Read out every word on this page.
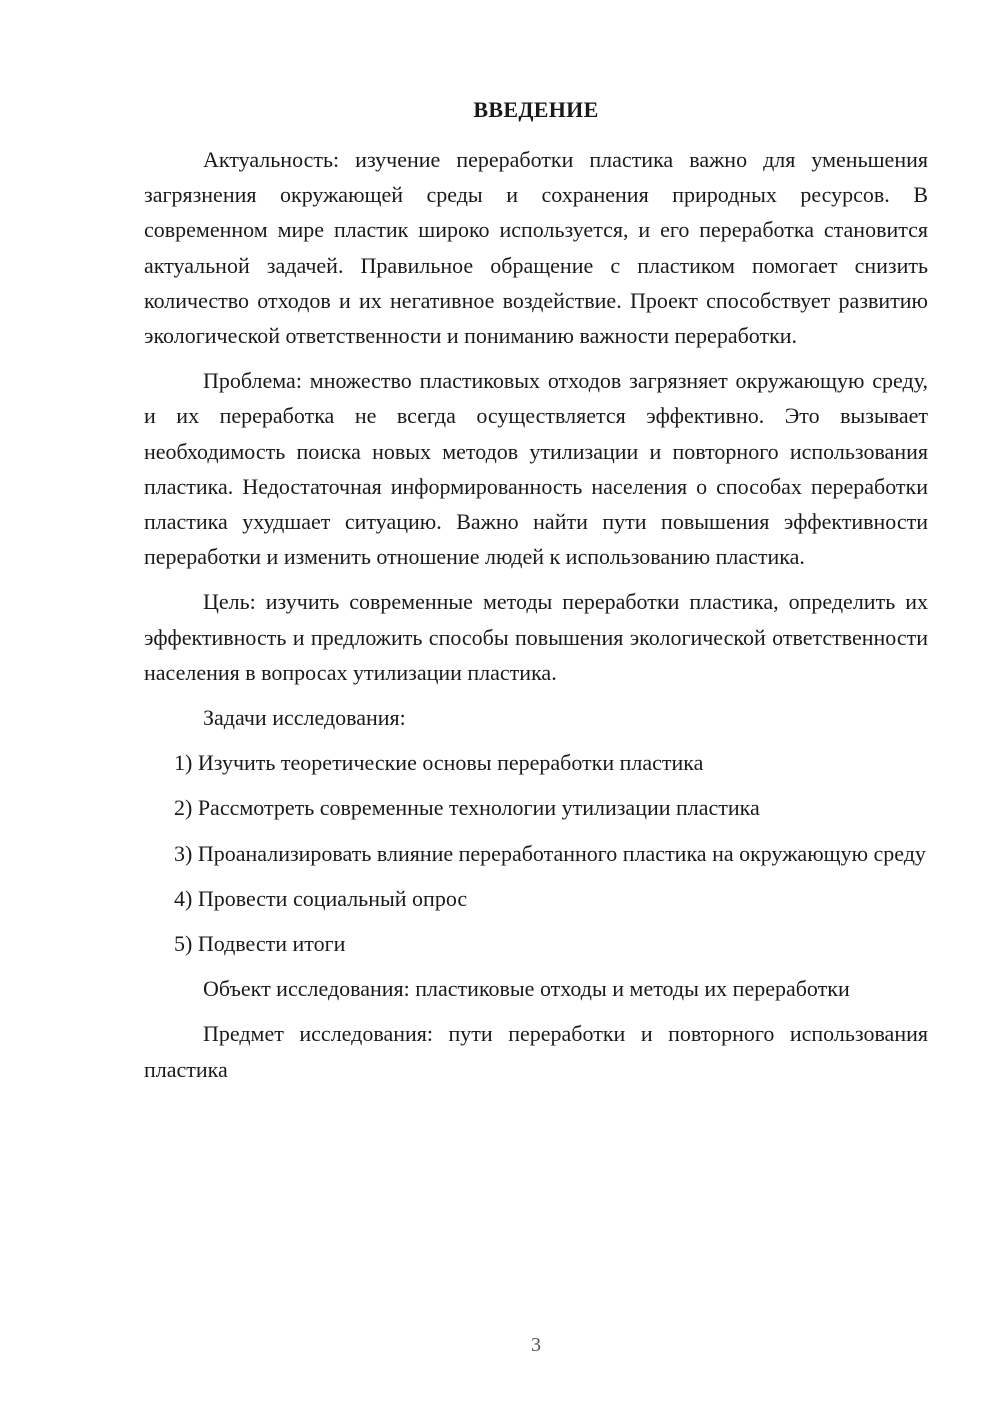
ВВЕДЕНИЕ

Актуальность: изучение переработки пластика важно для уменьшения загрязнения окружающей среды и сохранения природных ресурсов. В современном мире пластик широко используется, и его переработка становится актуальной задачей. Правильное обращение с пластиком помогает снизить количество отходов и их негативное воздействие. Проект способствует развитию экологической ответственности и пониманию важности переработки.

Проблема: множество пластиковых отходов загрязняет окружающую среду, и их переработка не всегда осуществляется эффективно. Это вызывает необходимость поиска новых методов утилизации и повторного использования пластика. Недостаточная информированность населения о способах переработки пластика ухудшает ситуацию. Важно найти пути повышения эффективности переработки и изменить отношение людей к использованию пластика.

Цель: изучить современные методы переработки пластика, определить их эффективность и предложить способы повышения экологической ответственности населения в вопросах утилизации пластика.

Задачи исследования:

1) Изучить теоретические основы переработки пластика

2) Рассмотреть современные технологии утилизации пластика

3) Проанализировать влияние переработанного пластика на окружающую среду

4) Провести социальный опрос

5) Подвести итоги

Объект исследования: пластиковые отходы и методы их переработки

Предмет исследования: пути переработки и повторного использования пластика

3
